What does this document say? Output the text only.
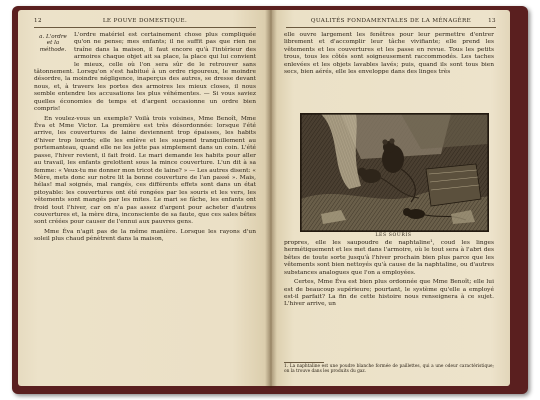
12	LE POUVE DOMESTIQUE.
a. L'ordre
et la
méthode.

L'ordre matériel est certainement chose plus compliquée qu'on ne pense; mes enfants; il ne suffit pas que rien ne traîne dans la maison, il faut encore qu'à l'intérieur des armoires chaque objet ait sa place, la place qui lui convient le mieux, celle où l'on sera sûr de le retrouver sans tâtonnement. Lorsqu'on s'est habitué à un ordre rigoureux, le moindre désordre, la moindre négligence, inaperçus des autres, se dresse devant nous, et, à travers les portes des armoires les mieux closes, il nous semble entendre les accusations les plus véhémentes. — Si vous saviez quelles économies de temps et d'argent occasionne un ordre bien compris!

En voulez-vous un exemple? Voilà trois voisines, Mme Benoît, Mme Éva et Mme Victor. La première est très désordonnée: lorsque l'été arrive, les couvertures de laine deviennent trop épaisses, les habits d'hiver trop lourds; elle les enlève et les suspend tranquillement au portemanteau, quand elle ne les jette pas simplement dans un coin. L'été passe, l'hiver revient, il fait froid. Le mari demande les habits pour aller au travail, les enfants grelottent sous la mince couverture. L'un dit à sa femme: « Veux-tu me donner mon tricot de laine? » — Les autres disent: « Mère, mets donc sur notre lit la bonne couverture de l'an passé ». Mais, hélas! mal soignés, mal rangés, ces différents effets sont dans un état pitoyable: les couvertures ont été rongées par les souris et les vers, les vêtements sont mangés par les mites. Le mari se fâche, les enfants ont froid tout l'hiver, car on n'a pas assez d'argent pour acheter d'autres couvertures et, la mère dira, inconsciente de sa faute, que ces sales bêtes sont créées pour causer de l'ennui aux pauvres gens.

Mme Éva n'agit pas de la même manière. Lorsque les rayons d'un soleil plus chaud pénètrent dans la maison,

QUALITÉS FONDAMENTALES DE LA MÉNAGÈRE	13

elle ouvre largement les fenêtres pour leur permettre d'entrer librement et d'accomplir leur tâche vivifiante; elle prend les vêtements et les couvertures et les passe en revue. Tous les petits trous, tous les côtés sont soigneusement raccommodés. Les taches enlevées et les objets lavables lavés; puis, quand ils sont tous bien secs, bien aérés, elle les enveloppe dans des linges très

LES SOURIS

propres, elle les saupoudre de naphtaline¹, coud les linges hermétiquement et les met dans l'armoire, où le tout sera à l'abri des bêtes de toute sorte jusqu'à l'hiver prochain bien plus parce que les vêtements sont bien nettoyés qu'à cause de la naphtaline, ou d'autres substances analogues que l'on a employées.

Certes, Mme Éva est bien plus ordonnée que Mme Benoît; elle lui est de beaucoup supérieure; pourtant, le système qu'elle a employé est-il parfait? La fin de cette histoire nous renseignera à ce sujet. L'hiver arrive, un

1. La naphtaline est une poudre blanche formée de paillettes, qui a une odeur caractéristique; on la trouve dans les produits du gaz.
